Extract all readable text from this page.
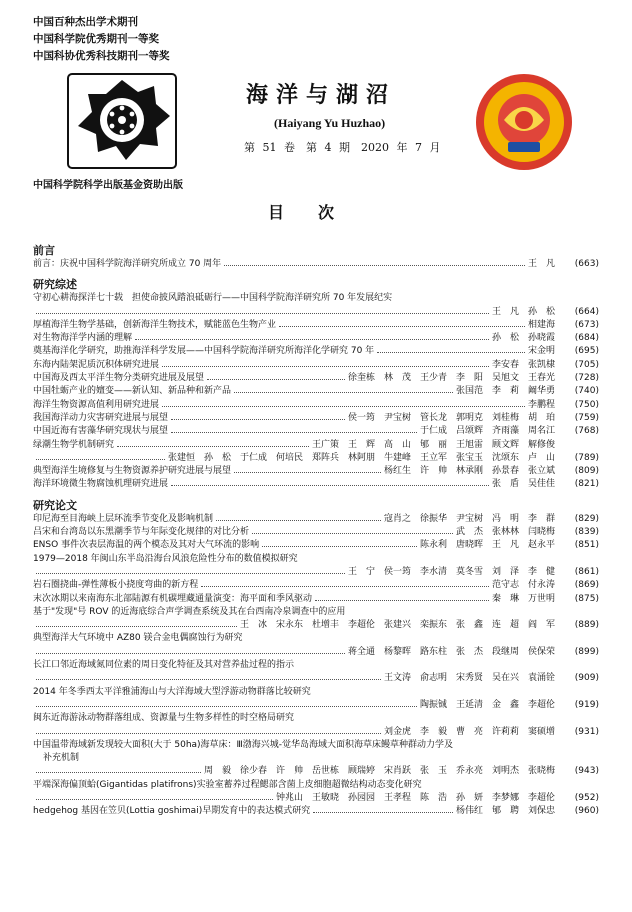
中国百种杰出学术期刊
中国科学院优秀期刊一等奖
中国科协优秀科技期刊一等奖
中国科学院科学出版基金资助出版
海洋与湖沼
(Haiyang Yu Huzhao)
第 51 卷　第 4 期　2020 年 7 月
目次
前言
前言：庆祝中国科学院海洋研究所成立 70 周年	王　凡	(663)
研究综述
守初心耕海探洋七十载　担使命披风踏浪砥砺行——中国科学院海洋研究所 70 年发展纪实
王　凡　孙　松	(664)
厚植海洋生物学基础，创新海洋生物技术，赋能蓝色生物产业	相建海	(673)
对生物海洋学内涵的理解	孙　松　孙晓霞	(684)
奠基海洋化学研究，助推海洋科学发展——中国科学院海洋研究所海洋化学研究 70 年	宋金明	(695)
东海内陆架泥质沉积体研究进展	李安春　张凯棣	(705)
中国海及西太平洋生物分类研究进展及展望	徐奎栋　林　茂　王少青　李　阳　吴旭文　王春光	(728)
中国牡蛎产业的嬗变——新认知、新品种和新产品	张国范　李　莉　阚华勇	(740)
海洋生物资源高值利用研究进展	李鹏程	(750)
我国海洋动力灾害研究进展与展望	侯一筠　尹宝树　管长龙　郭明克　刘桂梅　胡　珀	(759)
中国近海有害藻华研究现状与展望	于仁成　吕颂辉　齐雨藻　周名江	(768)
绿潮生物学机制研究	王广策　王　辉　高　山　郇　丽　王旭雷　顾文辉　解修俊
张建恒　孙　松　于仁成　何培民　郑阵兵　林阿朋　牛建峰　王立军　张宝玉　沈颂东　卢　山	(789)
典型海洋生境修复与生物资源养护研究进展与展望	杨红生　许　帅　林承刚　孙景春　张立斌	(809)
海洋环境微生物腐蚀机理研究进展	张　盾　吴佳佳	(821)
研究论文
印尼海至目海峡上层环流季节变化及影响机制	寇肖之　徐振华　尹宝树　冯　明　李　群	(829)
吕宋和台湾岛以东黑潮季节与年际变化规律的对比分析	武　杰　张林林　闫晓梅	(839)
ENSO 事件次表层海温的两个模态及其对大气环流的影响	陈永利　唐晓晖　王　凡　赵永平	(851)
1979—2018 年闽山东半岛沿海台风浪危险性分布的数值模拟研究
王　宁　侯一筠　李水清　莫冬雪　刘　泽　李　健	(861)
岩石圈挠曲-弹性薄板小挠度弯曲的新方程	范守志　付永涛	(869)
末次冰期以来南海东北部陆源有机碳埋藏通量演变：海平面和季风驱动	秦　琳　万世明	(875)
基于"发现"号 ROV 的近海底综合声学调查系统及其在台西南冷泉调查中的应用
王　冰　宋永东　杜增丰　李超伦　张建兴　栾振东　张　鑫　连　超　阎　军	(889)
典型海洋大气环境中 AZ80 镁合金电偶腐蚀行为研究
蒋全通　杨黎晖　路东柱　张　杰　段继周　侯保荣	(899)
长江口邻近海域氮同位素的周日变化特征及其对营养盐过程的指示
王文涛　俞志明　宋秀贤　吴在兴　袁涌铨	(909)
2014 年冬季西太平洋雅浦海山与大洋海域大型浮游动物群落比较研究
陶振铖　王延清　金　鑫　李超伦	(919)
闽东近海游泳动物群落组成、资源量与生物多样性的时空格局研究
刘金虎　李　毅　曹　亮　许莉莉　窦硕增	(931)
中国温带海域新发现较大面积(大于 50ha)海草床：Ⅲ渤海兴城-觉华岛海域大面积海草床鳗草种群动力学及
补充机制
周　毅　徐少春　许　帅　岳世栋　顾瑞婷　宋肖跃　张　玉　乔永亮　刘明杰　张晓梅	(943)
平端深海偏顶蛤(Gigantidas platifrons)实验室蓄养过程鳃部含菌上皮细胞超微结构动态变化研究
钟兆山　王敏晓　孙园园　王孝程　陈　浩　孙　妍　李梦娜　李超伦	(952)
hedgehog 基因在笠贝(Lottia goshimai)早期发育中的表达模式研究	杨伟红　郇　聘　刘保忠	(960)
